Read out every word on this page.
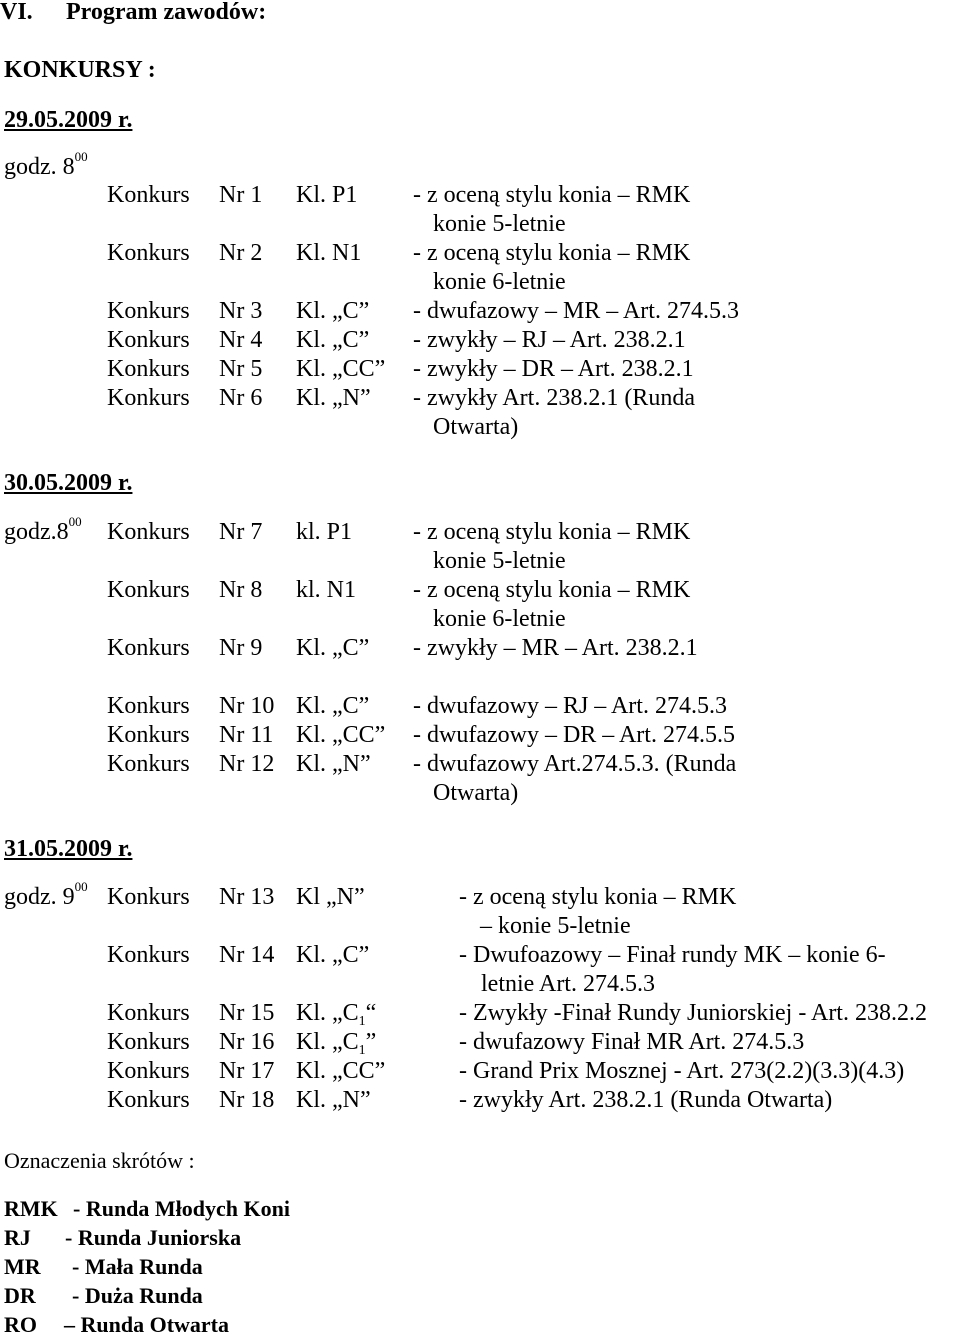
VI. Program zawodów:
KONKURSY :
29.05.2009 r.
godz. $8^{00}$
Konkurs Nr 1 Kl. P1 - z oceną stylu konia – RMK
konie 5-letnie
Konkurs Nr 2 Kl. N1 - z oceną stylu konia – RMK
konie 6-letnie
Konkurs Nr 3 Kl. „C” - dwufazowy – MR – Art. 274.5.3
Konkurs Nr 4 Kl. „C” - zwykły – RJ – Art. 238.2.1
Konkurs Nr 5 Kl. „CC” - zwykły – DR – Art. 238.2.1
Konkurs Nr 6 Kl. „N” - zwykły Art. 238.2.1 (Runda
Otwarta)
30.05.2009 r.
$godz.8^{00}$ Konkurs Nr 7 kl. P1	- z oceną stylu konia – RMK
konie 5-letnie
Konkurs Nr 8 kl. N1 - z oceną stylu konia – RMK
konie 6-letnie
Konkurs Nr 9 Kl. „C” - zwykły – MR – Art. 238.2.1
Konkurs Nr 10 Kl. „C” - dwufazowy – RJ – Art. 274.5.3
Konkurs Nr 11 Kl. „CC” - dwufazowy – DR – Art. 274.5.5
Konkurs Nr 12 Kl. „N” - dwufazowy Art.274.5.3. (Runda
Otwarta)
31.05.2009 r.
godz. $9^{00}$ Konkurs Nr 13 Kl „N”	- z oceną stylu konia – RMK
– konie 5-letnie
Konkurs Nr 14 Kl. „C”	- Dwufoazowy – Finał rundy MK – konie 6-
letnie Art. 274.5.3
Konkurs Nr 15 Kl. $„C_1“$	- Zwykły -Finał Rundy Juniorskiej - Art. 238.2.2
Konkurs Nr 16 Kl. $„C_1$”	- dwufazowy Finał MR Art. 274.5.3
Konkurs Nr 17 Kl. „CC”	- Grand Prix Mosznej - Art. 273(2.2)(3.3)(4.3)
Konkurs Nr 18 Kl. „N”	- zwykły Art. 238.2.1 (Runda Otwarta)
Oznaczenia skrótów :
RMK - Runda Młodych Koni
RJ - Runda Juniorska
MR - Mała Runda
DR - Duża Runda
RO – Runda Otwarta
